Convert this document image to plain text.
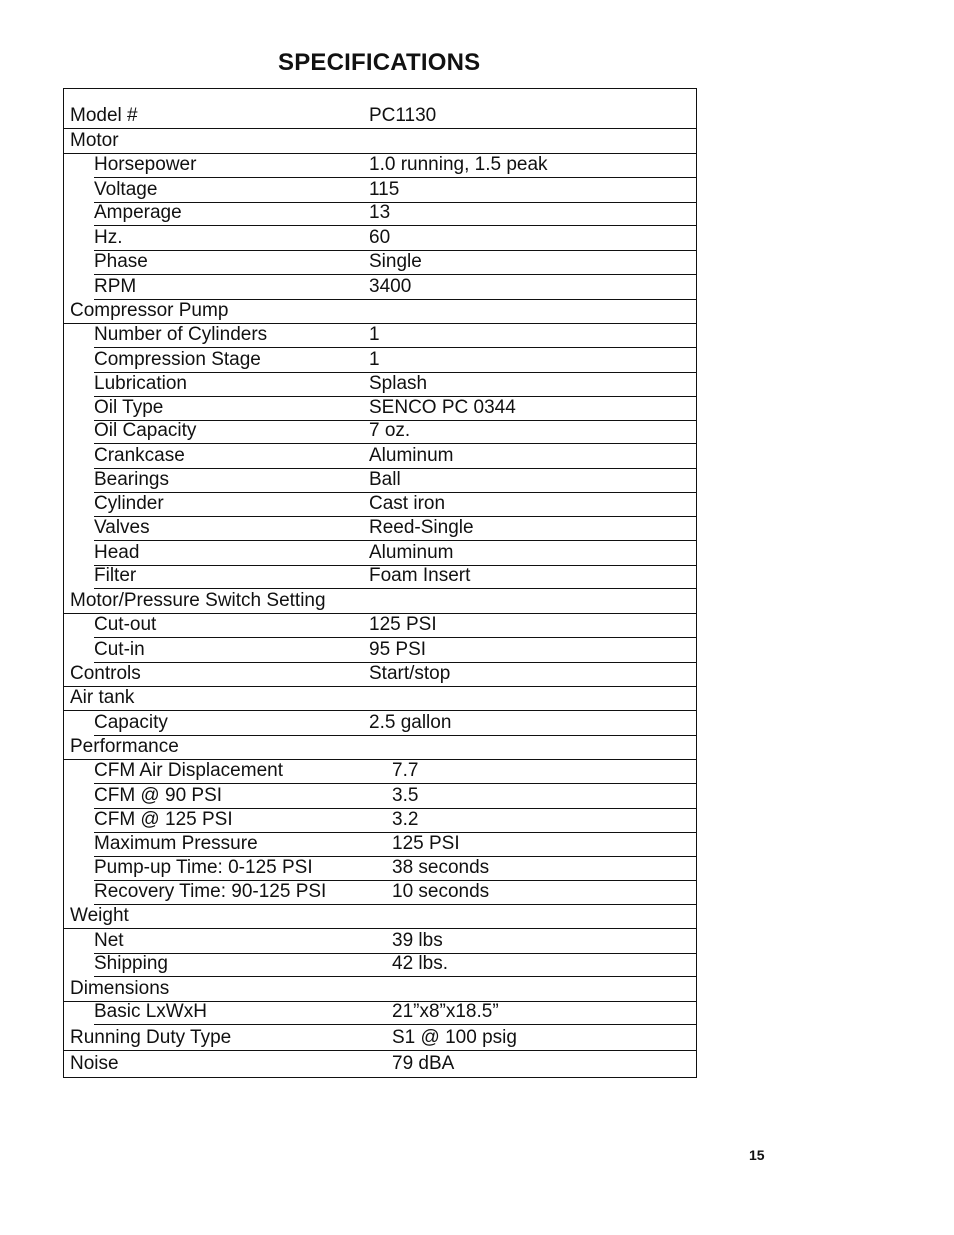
SPECIFICATIONS
Model #	PC1130
Motor
Horsepower	1.0 running, 1.5 peak
Voltage	115
Amperage	13
Hz.	60
Phase	Single
RPM	3400
Compressor Pump
Number of Cylinders	1
Compression Stage	1
Lubrication	Splash
Oil Type	SENCO PC 0344
Oil Capacity	7 oz.
Crankcase	Aluminum
Bearings	Ball
Cylinder	Cast iron
Valves	Reed-Single
Head	Aluminum
Filter	Foam Insert
Motor/Pressure Switch Setting
Cut-out	125 PSI
Cut-in	95 PSI
Controls	Start/stop
Air tank
Capacity	2.5 gallon
Performance
CFM Air Displacement	7.7
CFM @ 90 PSI	3.5
CFM @ 125 PSI	3.2
Maximum Pressure	125 PSI
Pump-up Time: 0-125 PSI	38 seconds
Recovery Time: 90-125 PSI	10 seconds
Weight
Net	39 lbs
Shipping	42 lbs.
Dimensions
Basic LxWxH	21”x8”x18.5”
Running Duty Type	S1 @ 100 psig
Noise	79 dBA
15
